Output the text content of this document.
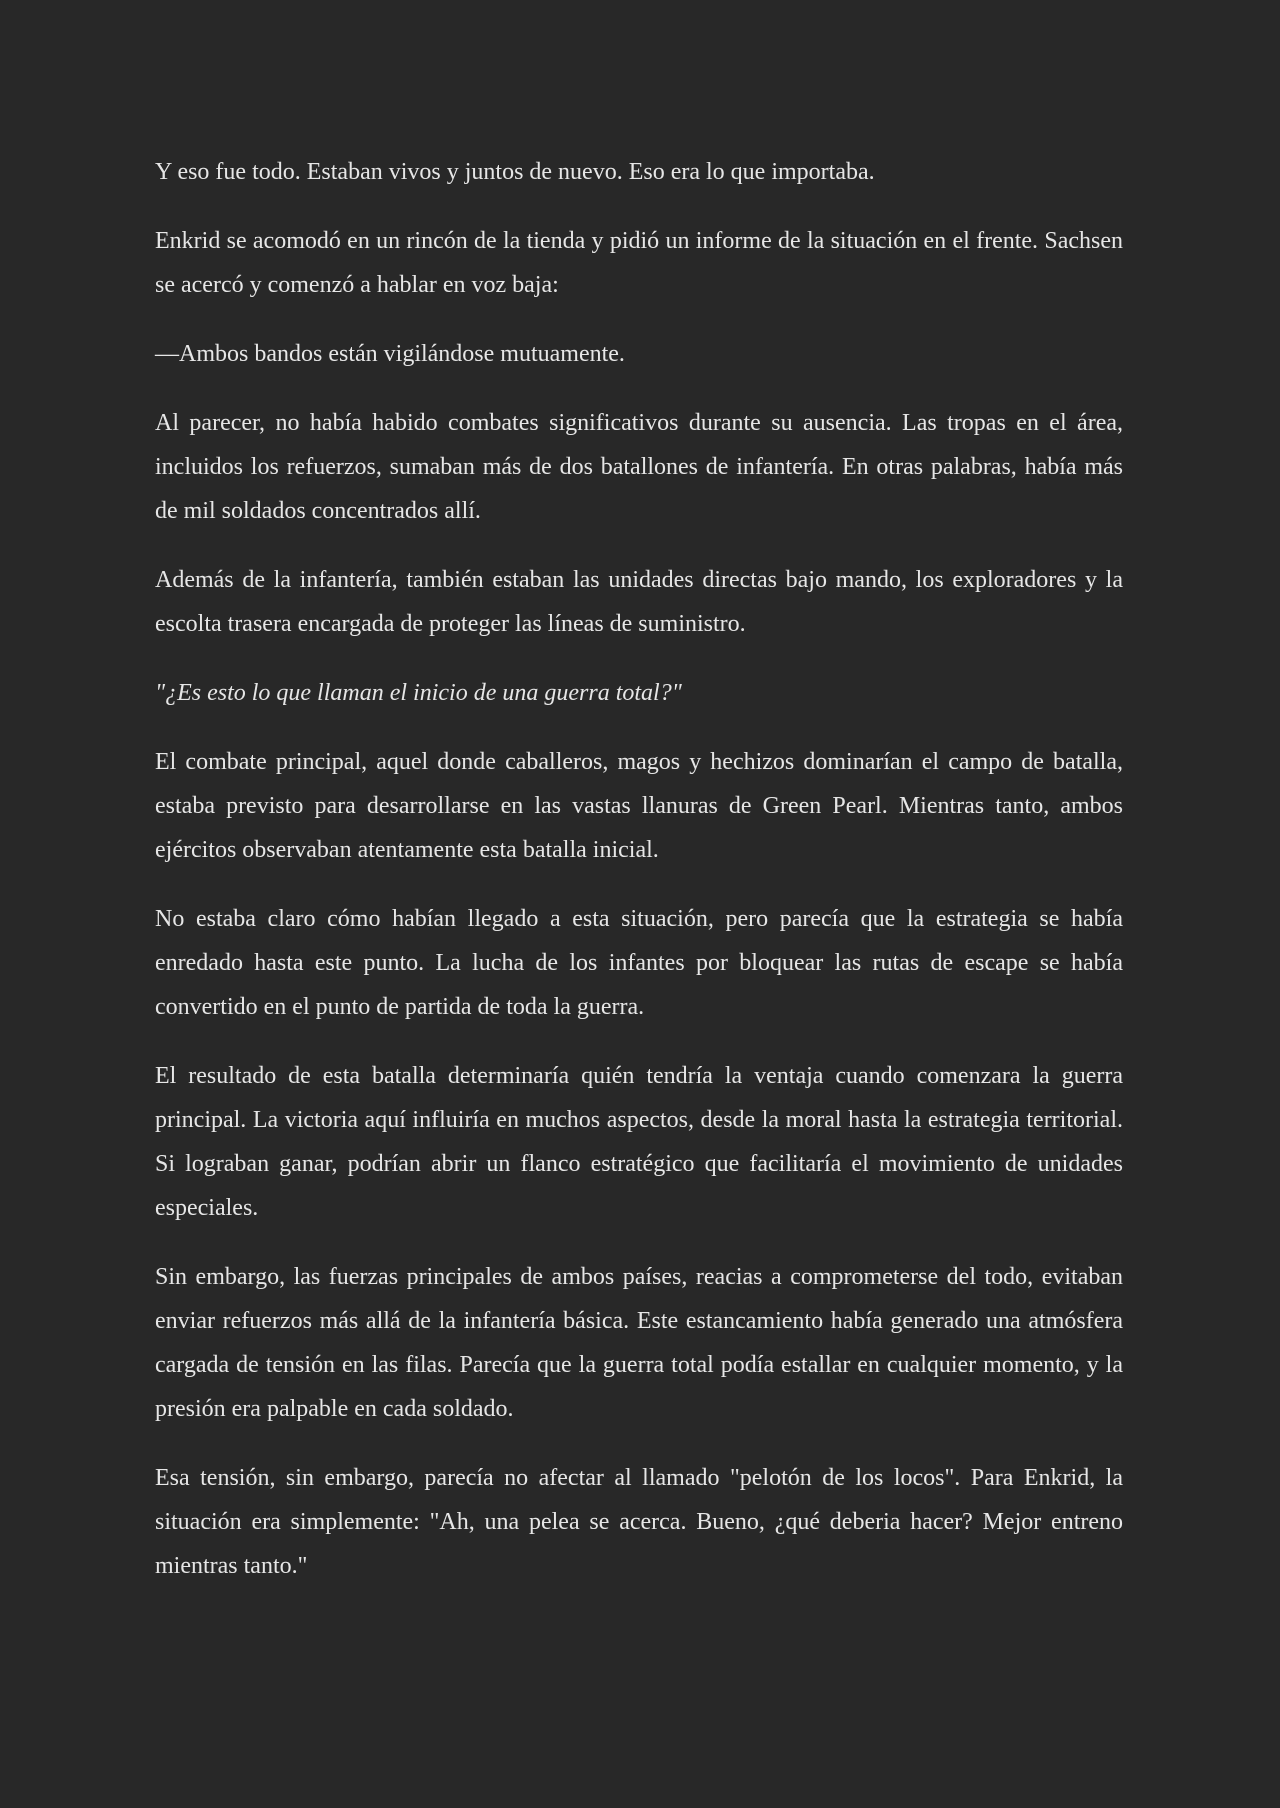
Y eso fue todo. Estaban vivos y juntos de nuevo. Eso era lo que importaba.

Enkrid se acomodó en un rincón de la tienda y pidió un informe de la situación en el frente. Sachsen se acercó y comenzó a hablar en voz baja:

—Ambos bandos están vigilándose mutuamente.

Al parecer, no había habido combates significativos durante su ausencia. Las tropas en el área, incluidos los refuerzos, sumaban más de dos batallones de infantería. En otras palabras, había más de mil soldados concentrados allí.

Además de la infantería, también estaban las unidades directas bajo mando, los exploradores y la escolta trasera encargada de proteger las líneas de suministro.

"¿Es esto lo que llaman el inicio de una guerra total?"

El combate principal, aquel donde caballeros, magos y hechizos dominarían el campo de batalla, estaba previsto para desarrollarse en las vastas llanuras de Green Pearl. Mientras tanto, ambos ejércitos observaban atentamente esta batalla inicial.

No estaba claro cómo habían llegado a esta situación, pero parecía que la estrategia se había enredado hasta este punto. La lucha de los infantes por bloquear las rutas de escape se había convertido en el punto de partida de toda la guerra.

El resultado de esta batalla determinaría quién tendría la ventaja cuando comenzara la guerra principal. La victoria aquí influiría en muchos aspectos, desde la moral hasta la estrategia territorial. Si lograban ganar, podrían abrir un flanco estratégico que facilitaría el movimiento de unidades especiales.

Sin embargo, las fuerzas principales de ambos países, reacias a comprometerse del todo, evitaban enviar refuerzos más allá de la infantería básica. Este estancamiento había generado una atmósfera cargada de tensión en las filas. Parecía que la guerra total podía estallar en cualquier momento, y la presión era palpable en cada soldado.

Esa tensión, sin embargo, parecía no afectar al llamado "pelotón de los locos". Para Enkrid, la situación era simplemente: "Ah, una pelea se acerca. Bueno, ¿qué deberia hacer? Mejor entreno mientras tanto."
